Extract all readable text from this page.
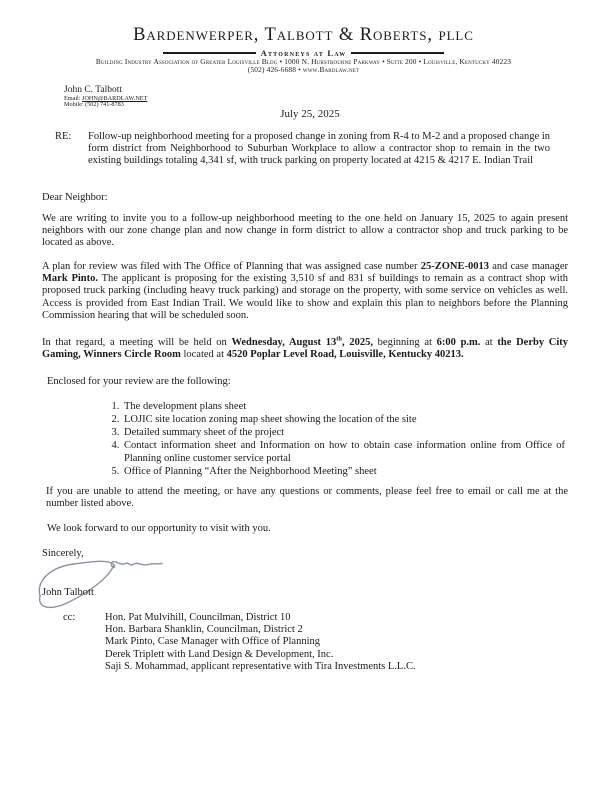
Bardenwerper, Talbott & Roberts, pllc
Attorneys at Law
Building Industry Association of Greater Louisville Bldg • 1000 N. Hurstbourne Parkway • Suite 200 • Louisville, Kentucky 40223
(502) 426-6688 • www.Bardlaw.net
John C. Talbott
Email: JOHN@BARDLAW.NET
Mobile: (502) 741-8783
July 25, 2025
RE: Follow-up neighborhood meeting for a proposed change in zoning from R-4 to M-2 and a proposed change in form district from Neighborhood to Suburban Workplace to allow a contractor shop to remain in the two existing buildings totaling 4,341 sf, with truck parking on property located at 4215 & 4217 E. Indian Trail
Dear Neighbor:
We are writing to invite you to a follow-up neighborhood meeting to the one held on January 15, 2025 to again present neighbors with our zone change plan and now change in form district to allow a contractor shop and truck parking to be located as above.
A plan for review was filed with The Office of Planning that was assigned case number 25-ZONE-0013 and case manager Mark Pinto. The applicant is proposing for the existing 3,510 sf and 831 sf buildings to remain as a contract shop with proposed truck parking (including heavy truck parking) and storage on the property, with some service on vehicles as well. Access is provided from East Indian Trail. We would like to show and explain this plan to neighbors before the Planning Commission hearing that will be scheduled soon.
In that regard, a meeting will be held on Wednesday, August 13th, 2025, beginning at 6:00 p.m. at the Derby City Gaming, Winners Circle Room located at 4520 Poplar Level Road, Louisville, Kentucky 40213.
Enclosed for your review are the following:
1. The development plans sheet
2. LOJIC site location zoning map sheet showing the location of the site
3. Detailed summary sheet of the project
4. Contact information sheet and Information on how to obtain case information online from Office of Planning online customer service portal
5. Office of Planning “After the Neighborhood Meeting” sheet
If you are unable to attend the meeting, or have any questions or comments, please feel free to email or call me at the number listed above.
We look forward to our opportunity to visit with you.
Sincerely,
John Talbott
cc:	Hon. Pat Mulvihill, Councilman, District 10
Hon. Barbara Shanklin, Councilman, District 2
Mark Pinto, Case Manager with Office of Planning
Derek Triplett with Land Design & Development, Inc.
Saji S. Mohammad, applicant representative with Tira Investments L.L.C.
